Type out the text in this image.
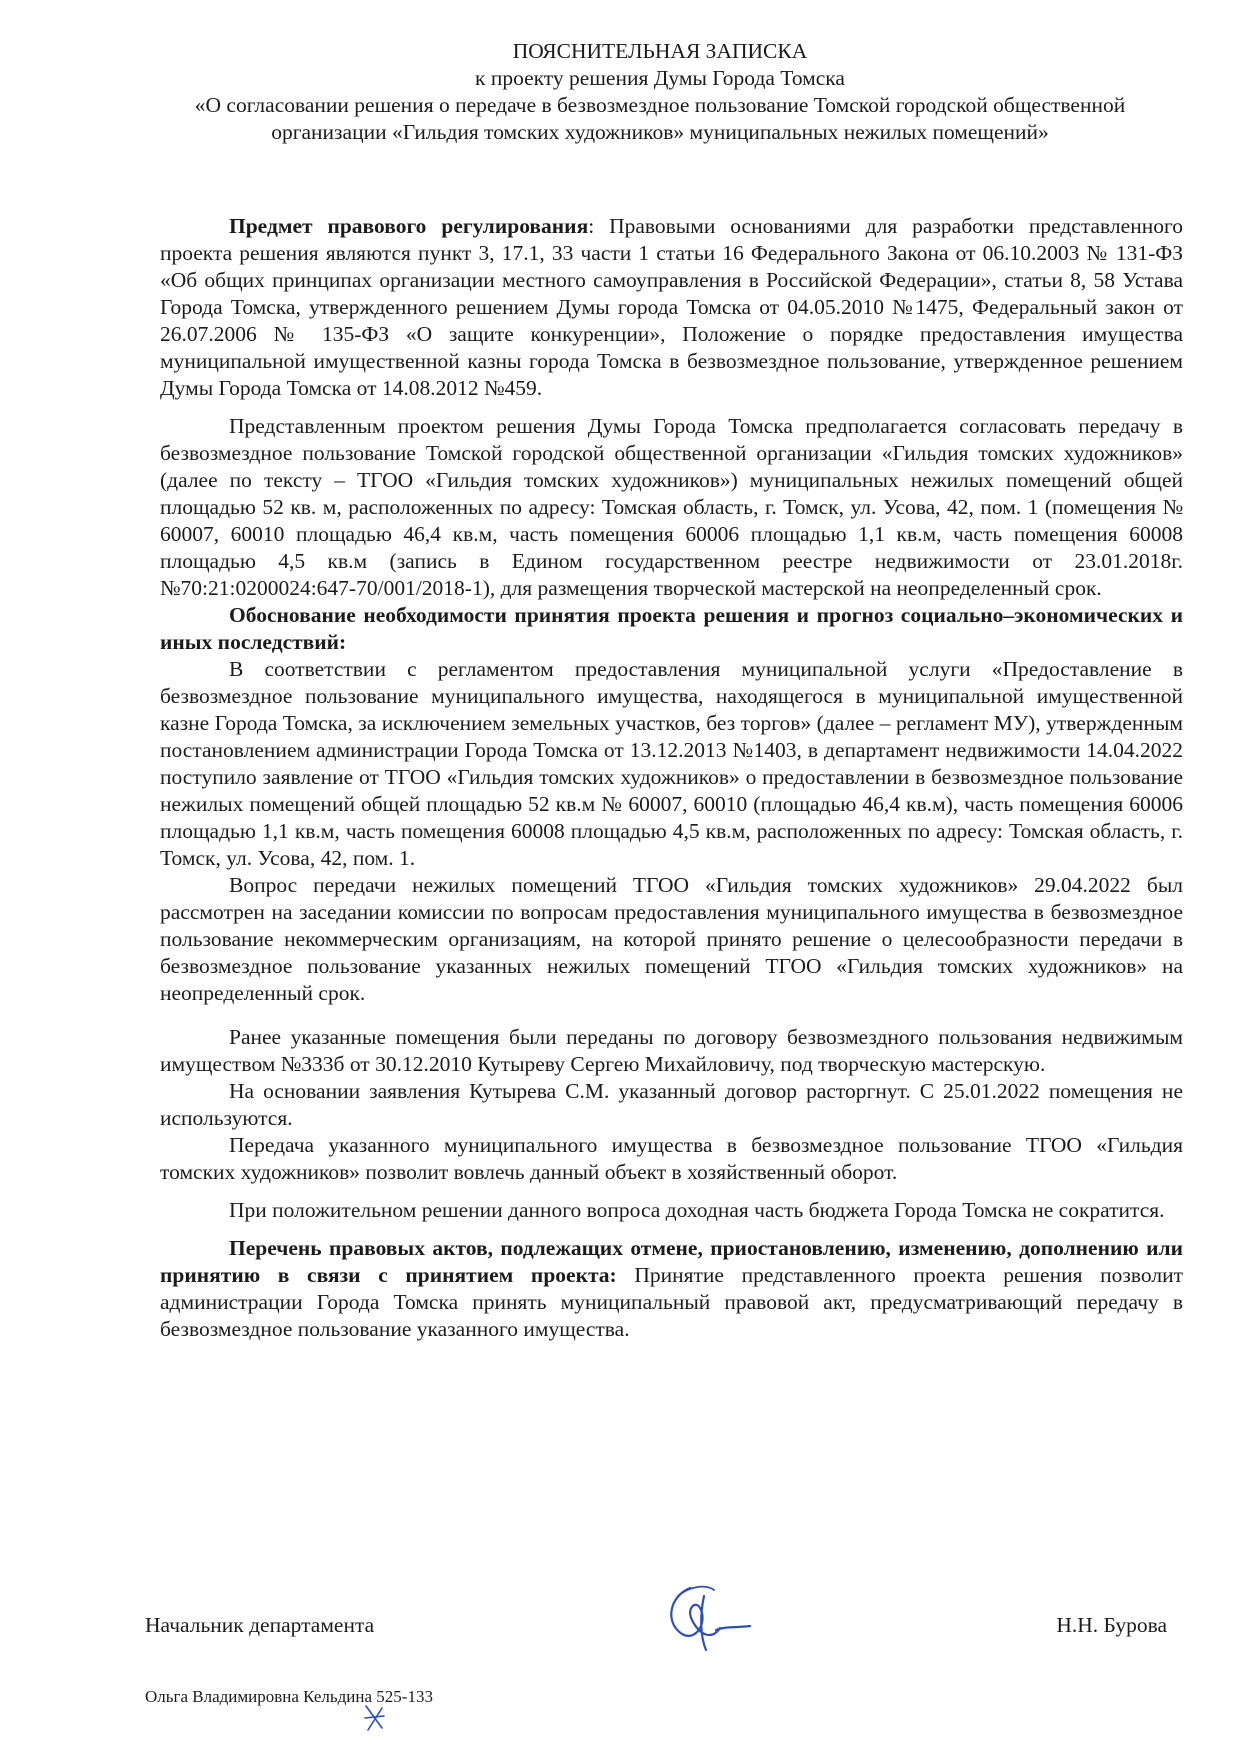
ПОЯСНИТЕЛЬНАЯ ЗАПИСКА
к проекту решения Думы Города Томска
«О согласовании решения о передаче в безвозмездное пользование Томской городской общественной организации «Гильдия томских художников» муниципальных нежилых помещений»

Предмет правового регулирования: Правовыми основаниями для разработки представленного проекта решения являются пункт 3, 17.1, 33 части 1 статьи 16 Федерального Закона от 06.10.2003 № 131-ФЗ «Об общих принципах организации местного самоуправления в Российской Федерации», статьи 8, 58 Устава Города Томска, утвержденного решением Думы города Томска от 04.05.2010 №1475, Федеральный закон от 26.07.2006 № 135-ФЗ «О защите конкуренции», Положение о порядке предоставления имущества муниципальной имущественной казны города Томска в безвозмездное пользование, утвержденное решением Думы Города Томска от 14.08.2012 №459.

Представленным проектом решения Думы Города Томска предполагается согласовать передачу в безвозмездное пользование Томской городской общественной организации «Гильдия томских художников» (далее по тексту – ТГОО «Гильдия томских художников») муниципальных нежилых помещений общей площадью 52 кв. м, расположенных по адресу: Томская область, г. Томск, ул. Усова, 42, пом. 1 (помещения № 60007, 60010 площадью 46,4 кв.м, часть помещения 60006 площадью 1,1 кв.м, часть помещения 60008 площадью 4,5 кв.м (запись в Едином государственном реестре недвижимости от 23.01.2018г. №70:21:0200024:647-70/001/2018-1), для размещения творческой мастерской на неопределенный срок.

Обоснование необходимости принятия проекта решения и прогноз социально–экономических и иных последствий:

В соответствии с регламентом предоставления муниципальной услуги «Предоставление в безвозмездное пользование муниципального имущества, находящегося в муниципальной имущественной казне Города Томска, за исключением земельных участков, без торгов» (далее – регламент МУ), утвержденным постановлением администрации Города Томска от 13.12.2013 №1403, в департамент недвижимости 14.04.2022 поступило заявление от ТГОО «Гильдия томских художников» о предоставлении в безвозмездное пользование нежилых помещений общей площадью 52 кв.м № 60007, 60010 (площадью 46,4 кв.м), часть помещения 60006 площадью 1,1 кв.м, часть помещения 60008 площадью 4,5 кв.м, расположенных по адресу: Томская область, г. Томск, ул. Усова, 42, пом. 1.

Вопрос передачи нежилых помещений ТГОО «Гильдия томских художников» 29.04.2022 был рассмотрен на заседании комиссии по вопросам предоставления муниципального имущества в безвозмездное пользование некоммерческим организациям, на которой принято решение о целесообразности передачи в безвозмездное пользование указанных нежилых помещений ТГОО «Гильдия томских художников» на неопределенный срок.

Ранее указанные помещения были переданы по договору безвозмездного пользования недвижимым имуществом №333б от 30.12.2010 Кутыреву Сергею Михайловичу, под творческую мастерскую.

На основании заявления Кутырева С.М. указанный договор расторгнут. С 25.01.2022 помещения не используются.

Передача указанного муниципального имущества в безвозмездное пользование ТГОО «Гильдия томских художников» позволит вовлечь данный объект в хозяйственный оборот.

При положительном решении данного вопроса доходная часть бюджета Города Томска не сократится.

Перечень правовых актов, подлежащих отмене, приостановлению, изменению, дополнению или принятию в связи с принятием проекта: Принятие представленного проекта решения позволит администрации Города Томска принять муниципальный правовой акт, предусматривающий передачу в безвозмездное пользование указанного имущества.

Начальник департамента	Н.Н. Бурова
Ольга Владимировна Кельдина 525-133
